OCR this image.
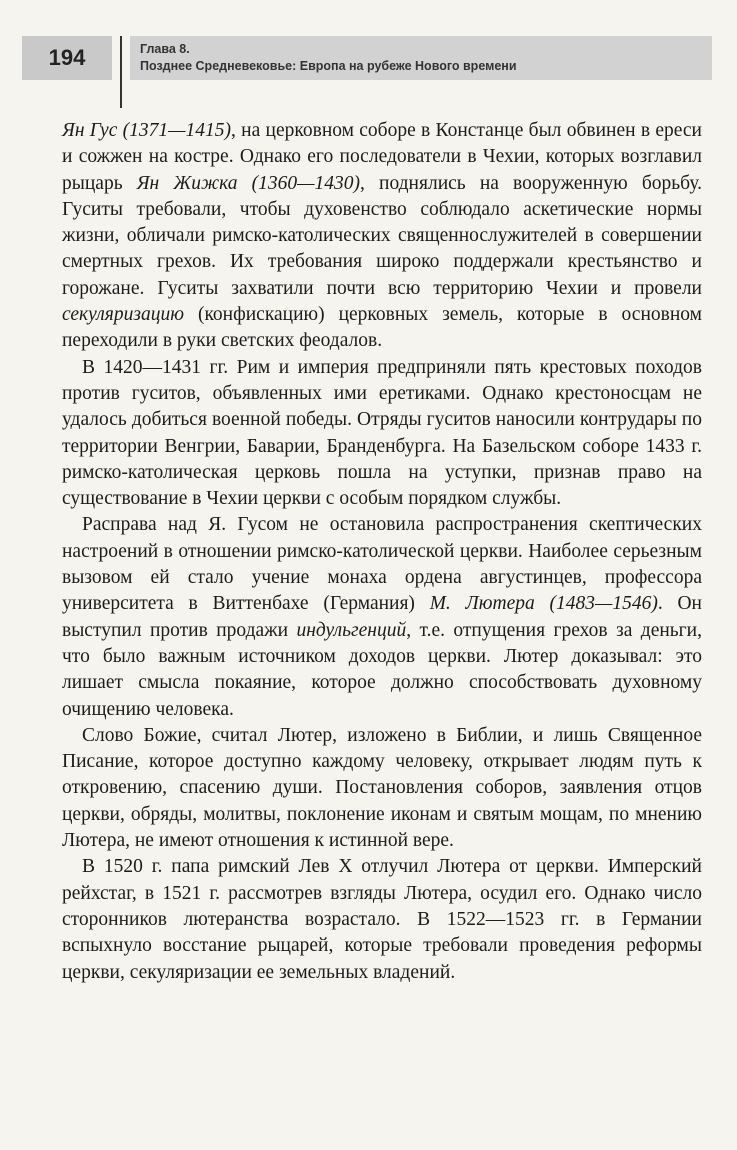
194	Глава 8.
Позднее Средневековье: Европа на рубеже Нового времени

Ян Гус (1371—1415), на церковном соборе в Констанце был обвинен в ереси и сожжен на костре. Однако его последователи в Чехии, которых возглавил рыцарь Ян Жижка (1360—1430), поднялись на вооруженную борьбу. Гуситы требовали, чтобы духовенство соблюдало аскетические нормы жизни, обличали римско-католических священнослужителей в совершении смертных грехов. Их требования широко поддержали крестьянство и горожане. Гуситы захватили почти всю территорию Чехии и провели секуляризацию (конфискацию) церковных земель, которые в основном переходили в руки светских феодалов.

В 1420—1431 гг. Рим и империя предприняли пять крестовых походов против гуситов, объявленных ими еретиками. Однако крестоносцам не удалось добиться военной победы. Отряды гуситов наносили контрудары по территории Венгрии, Баварии, Бранденбурга. На Базельском соборе 1433 г. римско-католическая церковь пошла на уступки, признав право на существование в Чехии церкви с особым порядком службы.

Расправа над Я. Гусом не остановила распространения скептических настроений в отношении римско-католической церкви. Наиболее серьезным вызовом ей стало учение монаха ордена августинцев, профессора университета в Виттенбахе (Германия) М. Лютера (1483—1546). Он выступил против продажи индульгенций, т.е. отпущения грехов за деньги, что было важным источником доходов церкви. Лютер доказывал: это лишает смысла покаяние, которое должно способствовать духовному очищению человека.

Слово Божие, считал Лютер, изложено в Библии, и лишь Священное Писание, которое доступно каждому человеку, открывает людям путь к откровению, спасению души. Постановления соборов, заявления отцов церкви, обряды, молитвы, поклонение иконам и святым мощам, по мнению Лютера, не имеют отношения к истинной вере.

В 1520 г. папа римский Лев X отлучил Лютера от церкви. Имперский рейхстаг, в 1521 г. рассмотрев взгляды Лютера, осудил его. Однако число сторонников лютеранства возрастало. В 1522—1523 гг. в Германии вспыхнуло восстание рыцарей, которые требовали проведения реформы церкви, секуляризации ее земельных владений.
